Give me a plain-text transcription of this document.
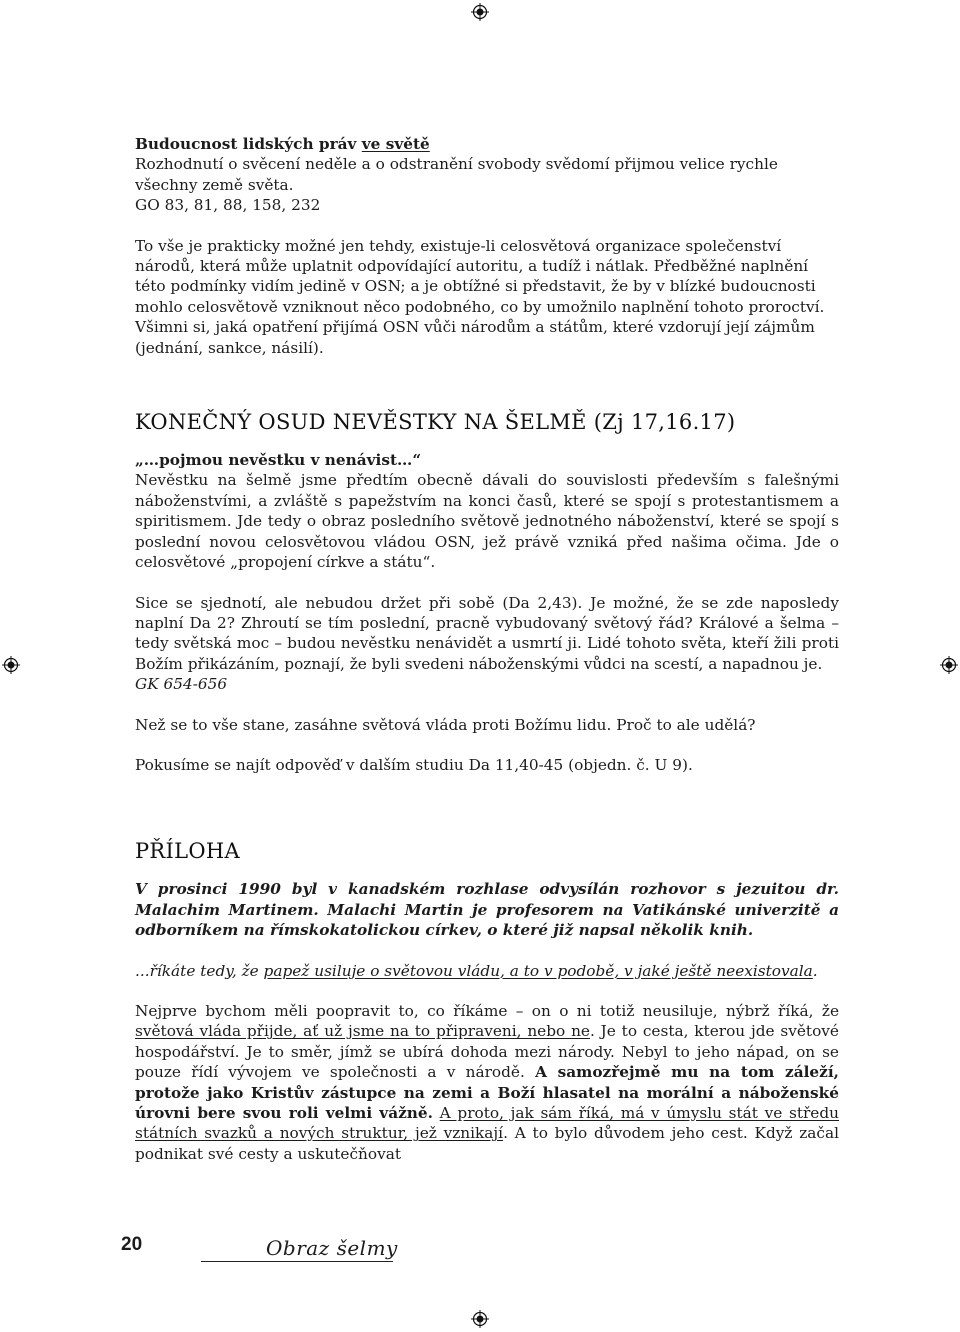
Budoucnost lidských práv ve světě

Rozhodnutí o svěcení neděle a o odstranění svobody svědomí přijmou velice rychle všechny země světa.

GO 83, 81, 88, 158, 232

To vše je prakticky možné jen tehdy, existuje-li celosvětová organizace společenství národů, která může uplatnit odpovídající autoritu, a tudíž i nátlak. Předběžné naplnění této podmínky vidím jedině v OSN; a je obtížné si představit, že by v blízké budoucnosti mohlo celosvětově vzniknout něco podobného, co by umožnilo naplnění tohoto proroctví. Všimni si, jaká opatření přijímá OSN vůči národům a státům, které vzdorují její zájmům (jednání, sankce, násilí).

KONEČNÝ OSUD NEVĚSTKY NA ŠELMĚ (Zj 17,16.17)

„…pojmou nevěstku v nenávist…“

Nevěstku na šelmě jsme předtím obecně dávali do souvislosti především s falešnými náboženstvími, a zvláště s papežstvím na konci časů, které se spojí s protestantismem a spiritismem. Jde tedy o obraz posledního světově jednotného náboženství, které se spojí s poslední novou celosvětovou vládou OSN, jež právě vzniká před našima očima. Jde o celosvětové „propojení církve a státu“.

Sice se sjednotí, ale nebudou držet při sobě (Da 2,43). Je možné, že se zde naposledy naplní Da 2? Zhroutí se tím poslední, pracně vybudovaný světový řád? Králové a šelma – tedy světská moc – budou nevěstku nenávidět a usmrtí ji. Lidé tohoto světa, kteří žili proti Božím přikázáním, poznají, že byli svedeni náboženskými vůdci na scestí, a napadnou je.

GK 654-656

Než se to vše stane, zasáhne světová vláda proti Božímu lidu. Proč to ale udělá?

Pokusíme se najít odpověď v dalším studiu Da 11,40-45 (objedn. č. U 9).

PŘÍLOHA

V prosinci 1990 byl v kanadském rozhlase odvysílán rozhovor s jezuitou dr. Malachim Martinem. Malachi Martin je profesorem na Vatikánské univerzitě a odborníkem na římskokatolickou církev, o které již napsal několik knih.

...říkáte tedy, že papež usiluje o světovou vládu, a to v podobě, v jaké ještě neexistovala.

Nejprve bychom měli poopravit to, co říkáme – on o ni totiž neusiluje, nýbrž říká, že světová vláda přijde, ať už jsme na to připraveni, nebo ne. Je to cesta, kterou jde světové hospodářství. Je to směr, jímž se ubírá dohoda mezi národy. Nebyl to jeho nápad, on se pouze řídí vývojem ve společnosti a v národě. A samozřejmě mu na tom záleží, protože jako Kristův zástupce na zemi a Boží hlasatel na morální a náboženské úrovni bere svou roli velmi vážně. A proto, jak sám říká, má v úmyslu stát ve středu státních svazků a nových struktur, jež vznikají. A to bylo důvodem jeho cest. Když začal podnikat své cesty a uskutečňovat

20	Obraz šelmy
